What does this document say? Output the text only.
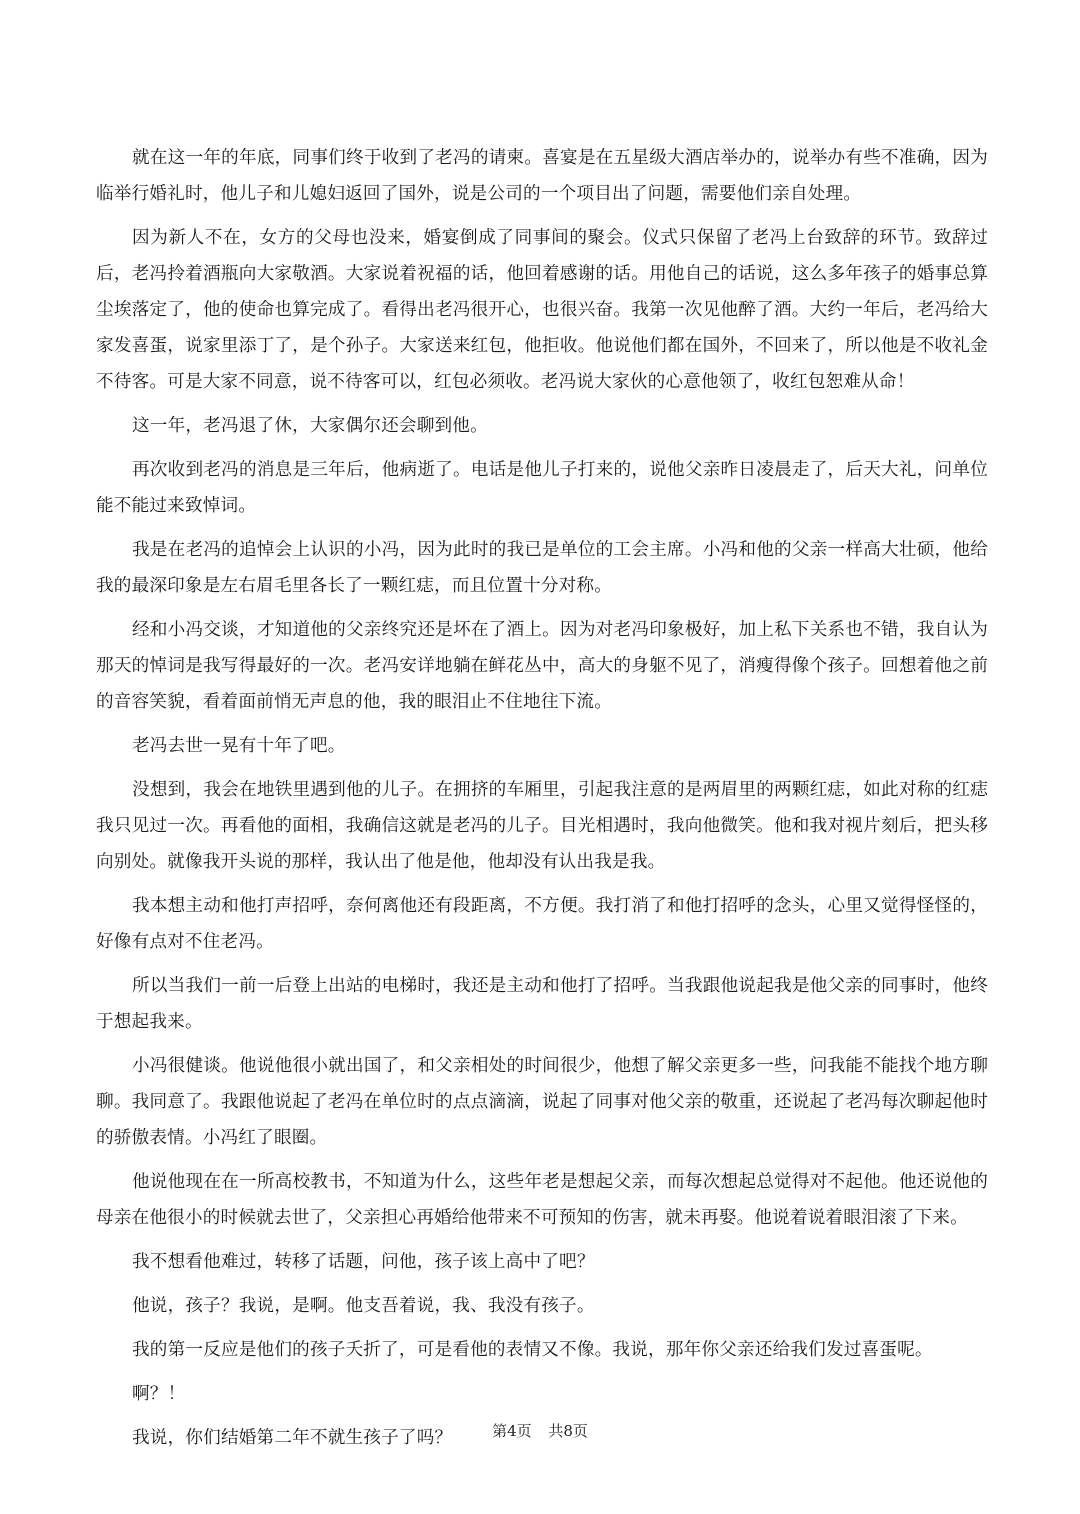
就在这一年的年底，同事们终于收到了老冯的请柬。喜宴是在五星级大酒店举办的，说举办有些不准确，因为临举行婚礼时，他儿子和儿媳妇返回了国外，说是公司的一个项目出了问题，需要他们亲自处理。

因为新人不在，女方的父母也没来，婚宴倒成了同事间的聚会。仪式只保留了老冯上台致辞的环节。致辞过后，老冯拎着酒瓶向大家敬酒。大家说着祝福的话，他回着感谢的话。用他自己的话说，这么多年孩子的婚事总算尘埃落定了，他的使命也算完成了。看得出老冯很开心，也很兴奋。我第一次见他醉了酒。大约一年后，老冯给大家发喜蛋，说家里添丁了，是个孙子。大家送来红包，他拒收。他说他们都在国外，不回来了，所以他是不收礼金不待客。可是大家不同意，说不待客可以，红包必须收。老冯说大家伙的心意他领了，收红包恕难从命！

这一年，老冯退了休，大家偶尔还会聊到他。

再次收到老冯的消息是三年后，他病逝了。电话是他儿子打来的，说他父亲昨日凌晨走了，后天大礼，问单位能不能过来致悼词。

我是在老冯的追悼会上认识的小冯，因为此时的我已是单位的工会主席。小冯和他的父亲一样高大壮硕，他给我的最深印象是左右眉毛里各长了一颗红痣，而且位置十分对称。

经和小冯交谈，才知道他的父亲终究还是坏在了酒上。因为对老冯印象极好，加上私下关系也不错，我自认为那天的悼词是我写得最好的一次。老冯安详地躺在鲜花丛中，高大的身躯不见了，消瘦得像个孩子。回想着他之前的音容笑貌，看着面前悄无声息的他，我的眼泪止不住地往下流。

老冯去世一晃有十年了吧。

没想到，我会在地铁里遇到他的儿子。在拥挤的车厢里，引起我注意的是两眉里的两颗红痣，如此对称的红痣我只见过一次。再看他的面相，我确信这就是老冯的儿子。目光相遇时，我向他微笑。他和我对视片刻后，把头移向别处。就像我开头说的那样，我认出了他是他，他却没有认出我是我。

我本想主动和他打声招呼，奈何离他还有段距离，不方便。我打消了和他打招呼的念头，心里又觉得怪怪的，好像有点对不住老冯。

所以当我们一前一后登上出站的电梯时，我还是主动和他打了招呼。当我跟他说起我是他父亲的同事时，他终于想起我来。

小冯很健谈。他说他很小就出国了，和父亲相处的时间很少，他想了解父亲更多一些，问我能不能找个地方聊聊。我同意了。我跟他说起了老冯在单位时的点点滴滴，说起了同事对他父亲的敬重，还说起了老冯每次聊起他时的骄傲表情。小冯红了眼圈。

他说他现在在一所高校教书，不知道为什么，这些年老是想起父亲，而每次想起总觉得对不起他。他还说他的母亲在他很小的时候就去世了，父亲担心再婚给他带来不可预知的伤害，就未再娶。他说着说着眼泪滚了下来。

我不想看他难过，转移了话题，问他，孩子该上高中了吧？

他说，孩子？我说，是啊。他支吾着说，我、我没有孩子。

我的第一反应是他们的孩子夭折了，可是看他的表情又不像。我说，那年你父亲还给我们发过喜蛋呢。

啊？！

我说，你们结婚第二年不就生孩子了吗？	第4页 共8页
